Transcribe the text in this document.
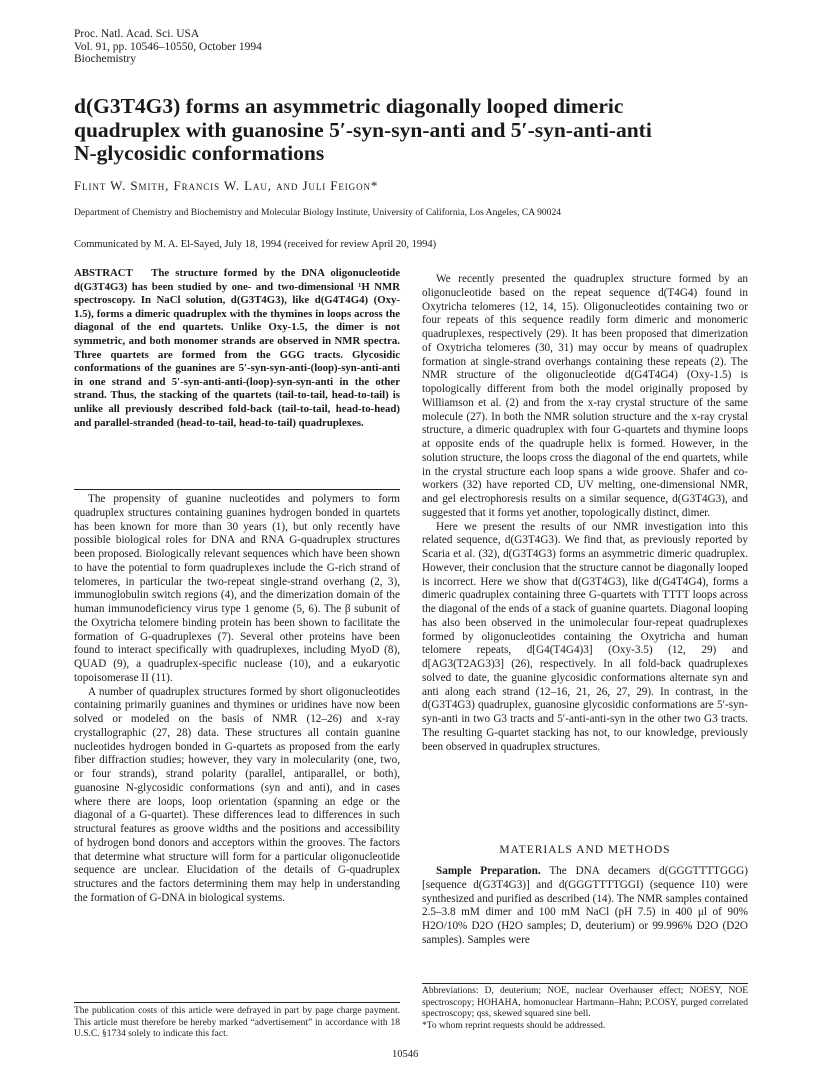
Proc. Natl. Acad. Sci. USA
Vol. 91, pp. 10546–10550, October 1994
Biochemistry
d(G3T4G3) forms an asymmetric diagonally looped dimeric
quadruplex with guanosine 5′-syn-syn-anti and 5′-syn-anti-anti
N-glycosidic conformations
Flint W. Smith, Francis W. Lau, and Juli Feigon*
Department of Chemistry and Biochemistry and Molecular Biology Institute, University of California, Los Angeles, CA 90024
Communicated by M. A. El-Sayed, July 18, 1994 (received for review April 20, 1994)

ABSTRACT The structure formed by the DNA oligonucleotide d(G3T4G3) has been studied by one- and two-dimensional ¹H NMR spectroscopy. In NaCl solution, d(G3T4G3), like d(G4T4G4) (Oxy-1.5), forms a dimeric quadruplex with the thymines in loops across the diagonal of the end quartets. Unlike Oxy-1.5, the dimer is not symmetric, and both monomer strands are observed in NMR spectra. Three quartets are formed from the GGG tracts. Glycosidic conformations of the guanines are 5′-syn-syn-anti-(loop)-syn-anti-anti in one strand and 5′-syn-anti-anti-(loop)-syn-syn-anti in the other strand. Thus, the stacking of the quartets (tail-to-tail, head-to-tail) is unlike all previously described fold-back (tail-to-tail, head-to-head) and parallel-stranded (head-to-tail, head-to-tail) quadruplexes.

The propensity of guanine nucleotides and polymers to form quadruplex structures containing guanines hydrogen bonded in quartets has been known for more than 30 years (1), but only recently have possible biological roles for DNA and RNA G-quadruplex structures been proposed. Biologically relevant sequences which have been shown to have the potential to form quadruplexes include the G-rich strand of telomeres, in particular the two-repeat single-strand overhang (2, 3), immunoglobulin switch regions (4), and the dimerization domain of the human immunodeficiency virus type 1 genome (5, 6). The β subunit of the Oxytricha telomere binding protein has been shown to facilitate the formation of G-quadruplexes (7). Several other proteins have been found to interact specifically with quadruplexes, including MyoD (8), QUAD (9), a quadruplex-specific nuclease (10), and a eukaryotic topoisomerase II (11).

A number of quadruplex structures formed by short oligonucleotides containing primarily guanines and thymines or uridines have now been solved or modeled on the basis of NMR (12–26) and x-ray crystallographic (27, 28) data. These structures all contain guanine nucleotides hydrogen bonded in G-quartets as proposed from the early fiber diffraction studies; however, they vary in molecularity (one, two, or four strands), strand polarity (parallel, antiparallel, or both), guanosine N-glycosidic conformations (syn and anti), and in cases where there are loops, loop orientation (spanning an edge or the diagonal of a G-quartet). These differences lead to differences in such structural features as groove widths and the positions and accessibility of hydrogen bond donors and acceptors within the grooves. The factors that determine what structure will form for a particular oligonucleotide sequence are unclear. Elucidation of the details of G-quadruplex structures and the factors determining them may help in understanding the formation of G-DNA in biological systems.

The publication costs of this article were defrayed in part by page charge payment. This article must therefore be hereby marked “advertisement” in accordance with 18 U.S.C. §1734 solely to indicate this fact.

We recently presented the quadruplex structure formed by an oligonucleotide based on the repeat sequence d(T4G4) found in Oxytricha telomeres (12, 14, 15). Oligonucleotides containing two or four repeats of this sequence readily form dimeric and monomeric quadruplexes, respectively (29). It has been proposed that dimerization of Oxytricha telomeres (30, 31) may occur by means of quadruplex formation at single-strand overhangs containing these repeats (2). The NMR structure of the oligonucleotide d(G4T4G4) (Oxy-1.5) is topologically different from both the model originally proposed by Williamson et al. (2) and from the x-ray crystal structure of the same molecule (27). In both the NMR solution structure and the x-ray crystal structure, a dimeric quadruplex with four G-quartets and thymine loops at opposite ends of the quadruple helix is formed. However, in the solution structure, the loops cross the diagonal of the end quartets, while in the crystal structure each loop spans a wide groove. Shafer and co-workers (32) have reported CD, UV melting, one-dimensional NMR, and gel electrophoresis results on a similar sequence, d(G3T4G3), and suggested that it forms yet another, topologically distinct, dimer.

Here we present the results of our NMR investigation into this related sequence, d(G3T4G3). We find that, as previously reported by Scaria et al. (32), d(G3T4G3) forms an asymmetric dimeric quadruplex. However, their conclusion that the structure cannot be diagonally looped is incorrect. Here we show that d(G3T4G3), like d(G4T4G4), forms a dimeric quadruplex containing three G-quartets with TTTT loops across the diagonal of the ends of a stack of guanine quartets. Diagonal looping has also been observed in the unimolecular four-repeat quadruplexes formed by oligonucleotides containing the Oxytricha and human telomere repeats, d[G4(T4G4)3] (Oxy-3.5) (12, 29) and d[AG3(T2AG3)3] (26), respectively. In all fold-back quadruplexes solved to date, the guanine glycosidic conformations alternate syn and anti along each strand (12–16, 21, 26, 27, 29). In contrast, in the d(G3T4G3) quadruplex, guanosine glycosidic conformations are 5′-syn-syn-anti in two G3 tracts and 5′-anti-anti-syn in the other two G3 tracts. The resulting G-quartet stacking has not, to our knowledge, previously been observed in quadruplex structures.

MATERIALS AND METHODS

Sample Preparation. The DNA decamers d(GGGTTTTGGG) [sequence d(G3T4G3)] and d(GGGTTTTGGI) (sequence I10) were synthesized and purified as described (14). The NMR samples contained 2.5–3.8 mM dimer and 100 mM NaCl (pH 7.5) in 400 μl of 90% H2O/10% D2O (H2O samples; D, deuterium) or 99.996% D2O (D2O samples). Samples were

Abbreviations: D, deuterium; NOE, nuclear Overhauser effect; NOESY, NOE spectroscopy; HOHAHA, homonuclear Hartmann–Hahn; P.COSY, purged correlated spectroscopy; qss, skewed squared sine bell.
*To whom reprint requests should be addressed.
10546
